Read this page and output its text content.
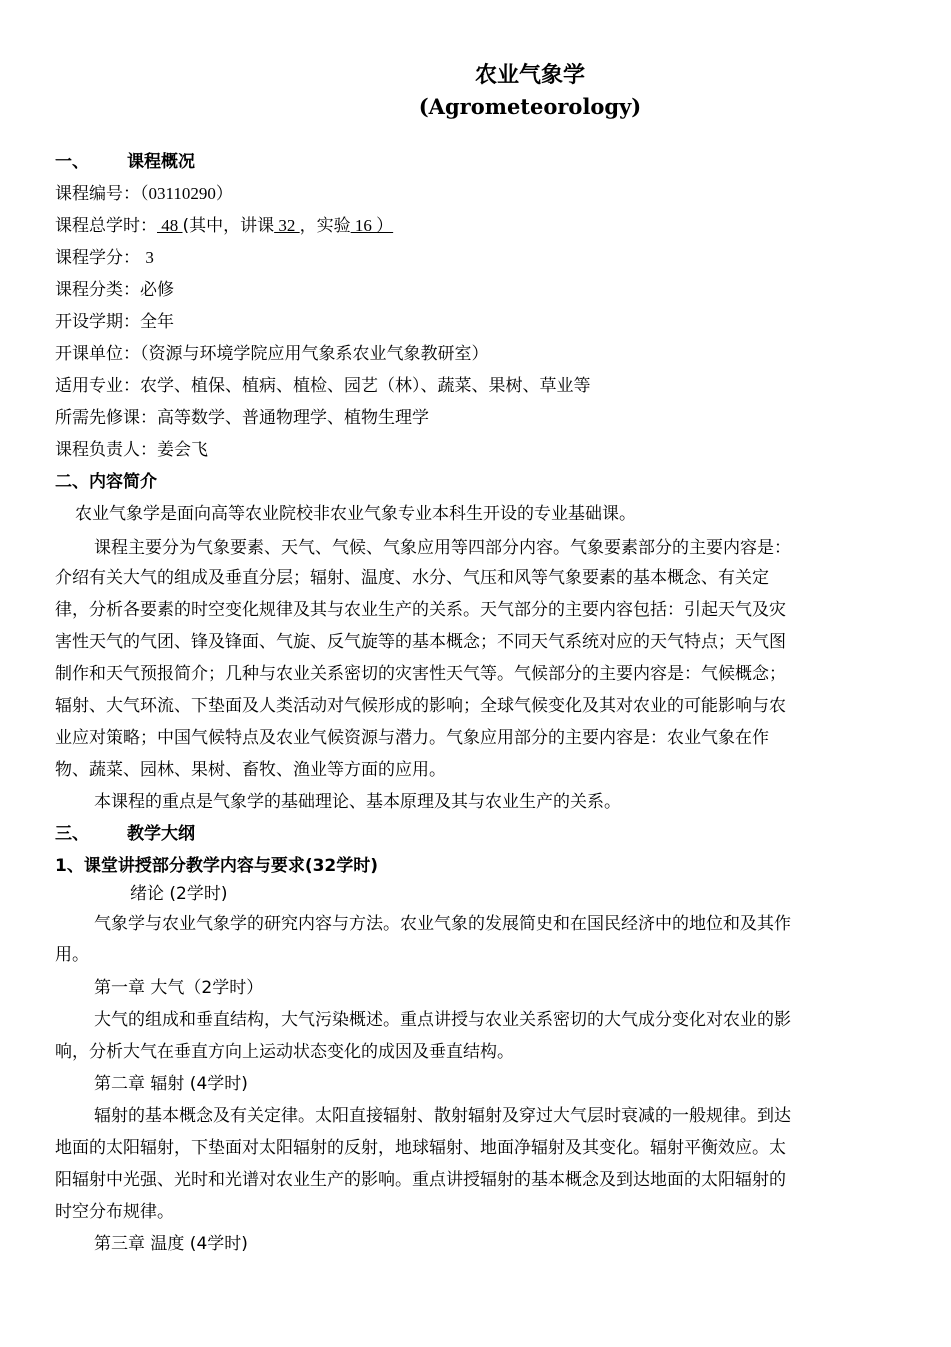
农业气象学
(Agrometeorology)
一、 课程概况
课程编号：（03110290）
课程总学时： 48 (其中，讲课 32 ，实验 16 ）
课程学分： 3
课程分类：必修
开设学期：全年
开课单位：（资源与环境学院应用气象系农业气象教研室）
适用专业：农学、植保、植病、植检、园艺（林）、蔬菜、果树、草业等
所需先修课：高等数学、普通物理学、植物生理学
课程负责人：姜会飞
二、内容简介
农业气象学是面向高等农业院校非农业气象专业本科生开设的专业基础课。
课程主要分为气象要素、天气、气候、气象应用等四部分内容。气象要素部分的主要内容是：
介绍有关大气的组成及垂直分层；辐射、温度、水分、气压和风等气象要素的基本概念、有关定
律，分析各要素的时空变化规律及其与农业生产的关系。天气部分的主要内容包括：引起天气及灾
害性天气的气团、锋及锋面、气旋、反气旋等的基本概念；不同天气系统对应的天气特点；天气图
制作和天气预报简介；几种与农业关系密切的灾害性天气等。气候部分的主要内容是：气候概念；
辐射、大气环流、下垫面及人类活动对气候形成的影响；全球气候变化及其对农业的可能影响与农
业应对策略；中国气候特点及农业气候资源与潜力。气象应用部分的主要内容是：农业气象在作
物、蔬菜、园林、果树、畜牧、渔业等方面的应用。
本课程的重点是气象学的基础理论、基本原理及其与农业生产的关系。
三、 教学大纲
1、课堂讲授部分教学内容与要求(32学时)
绪论 (2学时)
气象学与农业气象学的研究内容与方法。农业气象的发展简史和在国民经济中的地位和及其作
用。
第一章 大气（2学时）
大气的组成和垂直结构，大气污染概述。重点讲授与农业关系密切的大气成分变化对农业的影
响，分析大气在垂直方向上运动状态变化的成因及垂直结构。
第二章 辐射 (4学时)
辐射的基本概念及有关定律。太阳直接辐射、散射辐射及穿过大气层时衰减的一般规律。到达
地面的太阳辐射，下垫面对太阳辐射的反射，地球辐射、地面净辐射及其变化。辐射平衡效应。太
阳辐射中光强、光时和光谱对农业生产的影响。重点讲授辐射的基本概念及到达地面的太阳辐射的
时空分布规律。
第三章 温度 (4学时)
